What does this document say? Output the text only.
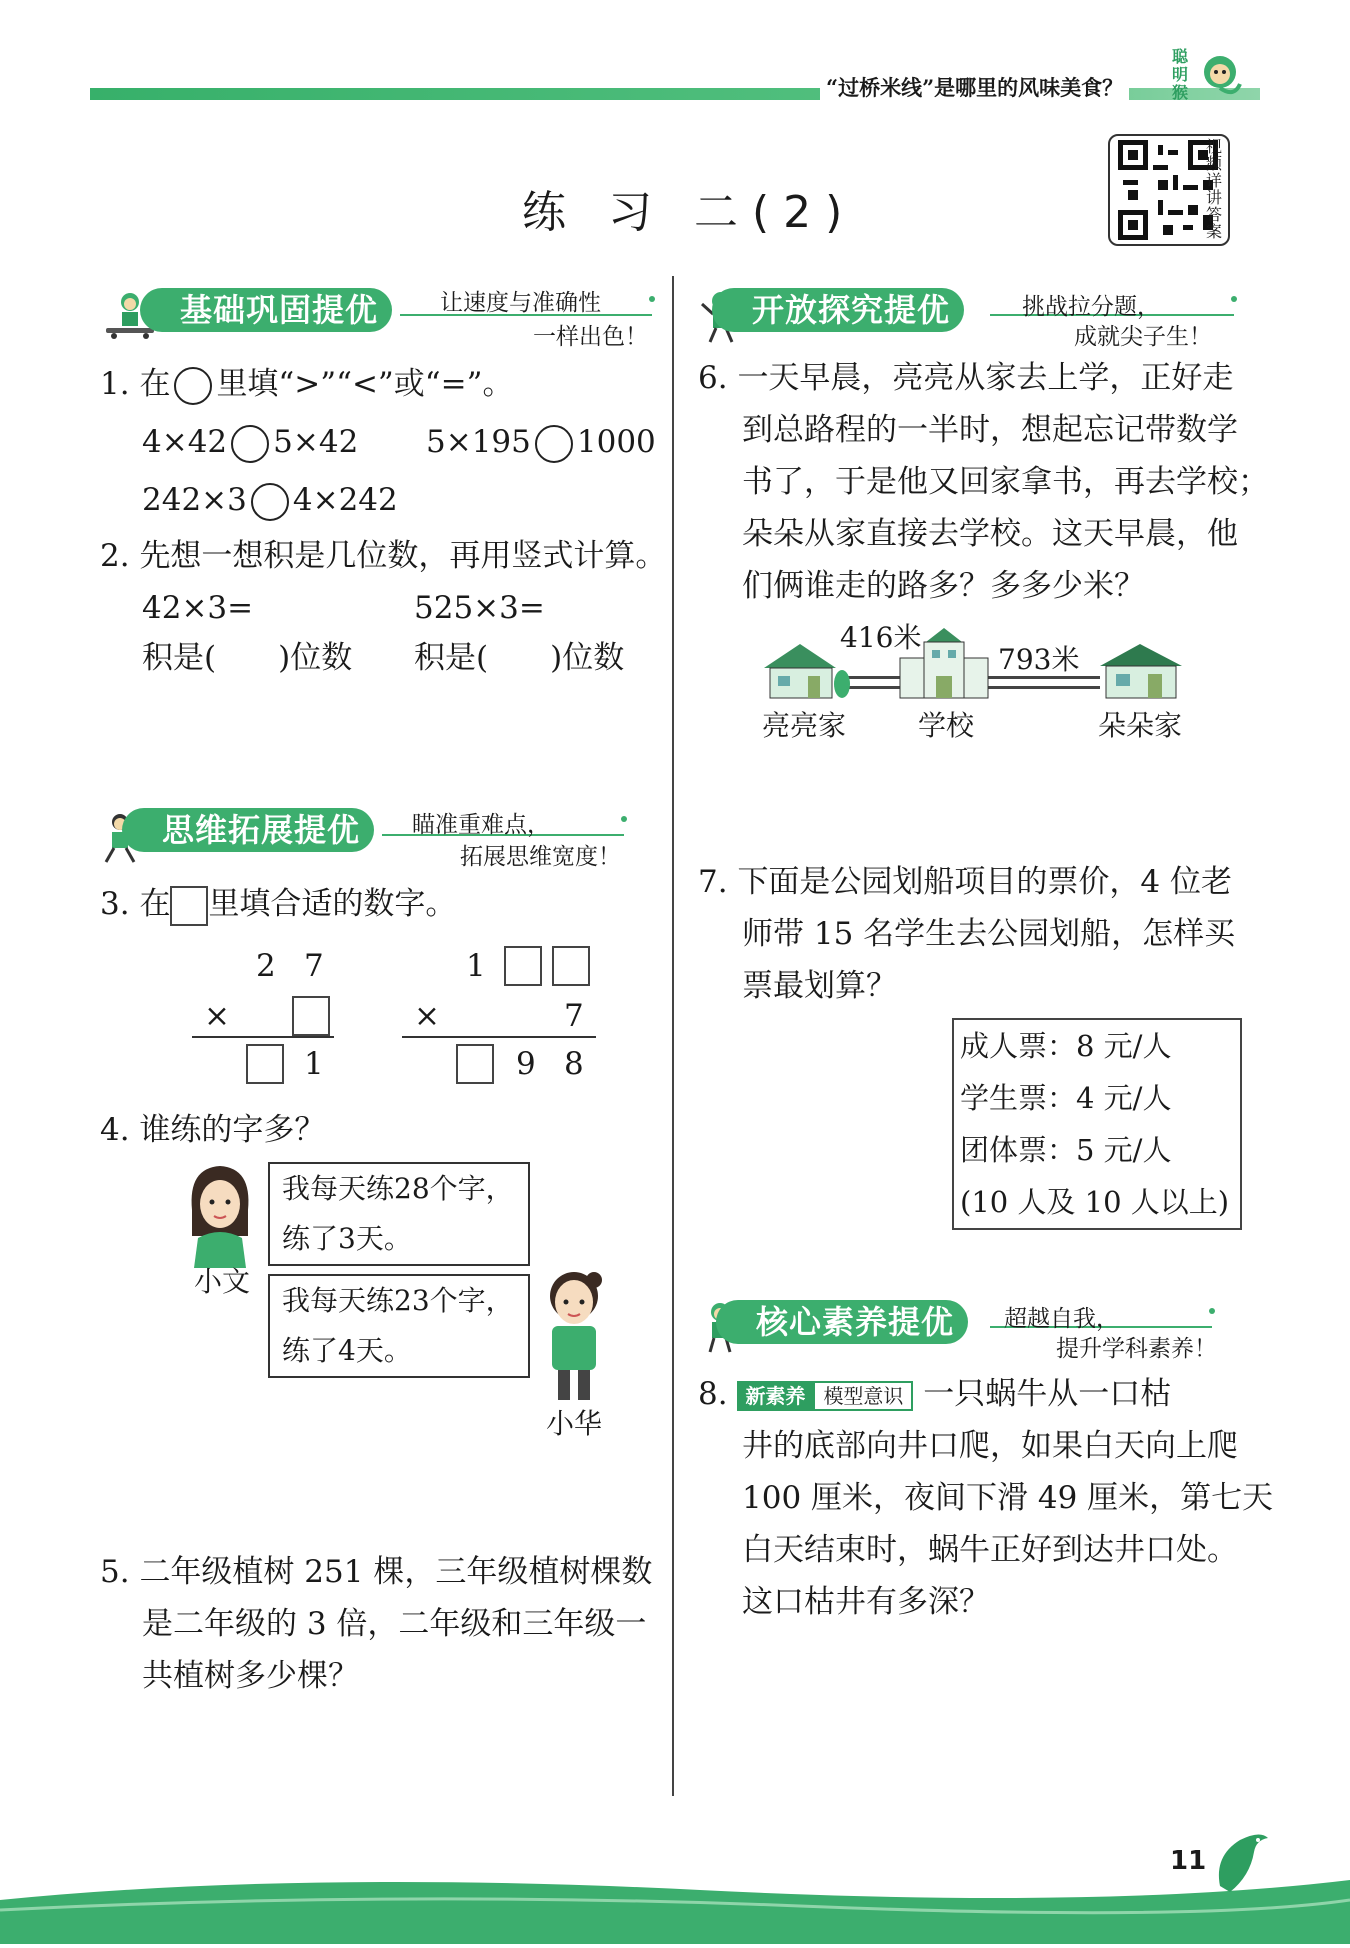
“过桥米线”是哪里的风味美食？
聪明猴
视频详讲答案
练 习 二(2)
基础巩固提优	让速度与准确性
一样出色！
1. 在 里填“>”“<”或“=”。
4×42 5×42 5×195 1000
242×3 4×242
2. 先想一想积是几位数，再用竖式计算。
42×3=	525×3=
积是(　　)位数 积是(　　)位数
思维拓展提优	瞄准重难点，
拓展思维宽度！
3. 在 里填合适的数字。
2 7
×
1
1
×	7
9 8
4. 谁练的字多？
小文
我每天练28个字，
练了3天。
我每天练23个字，
练了4天。
小华
5. 二年级植树 251 棵，三年级植树棵数
是二年级的 3 倍，二年级和三年级一
共植树多少棵？
开放探究提优	挑战拉分题，
成就尖子生！
6. 一天早晨，亮亮从家去上学，正好走
到总路程的一半时，想起忘记带数学
书了，于是他又回家拿书，再去学校；
朵朵从家直接去学校。这天早晨，他
们俩谁走的路多？多多少米？
416米
793米
亮亮家	学校	朵朵家
7. 下面是公园划船项目的票价，4 位老
师带 15 名学生去公园划船，怎样买
票最划算？
成人票：8 元/人
学生票：4 元/人
团体票：5 元/人
(10 人及 10 人以上)
核心素养提优	超越自我，
提升学科素养！
8. 新素养 模型意识 一只蜗牛从一口枯
井的底部向井口爬，如果白天向上爬
100 厘米，夜间下滑 49 厘米，第七天
白天结束时，蜗牛正好到达井口处。
这口枯井有多深？
11
